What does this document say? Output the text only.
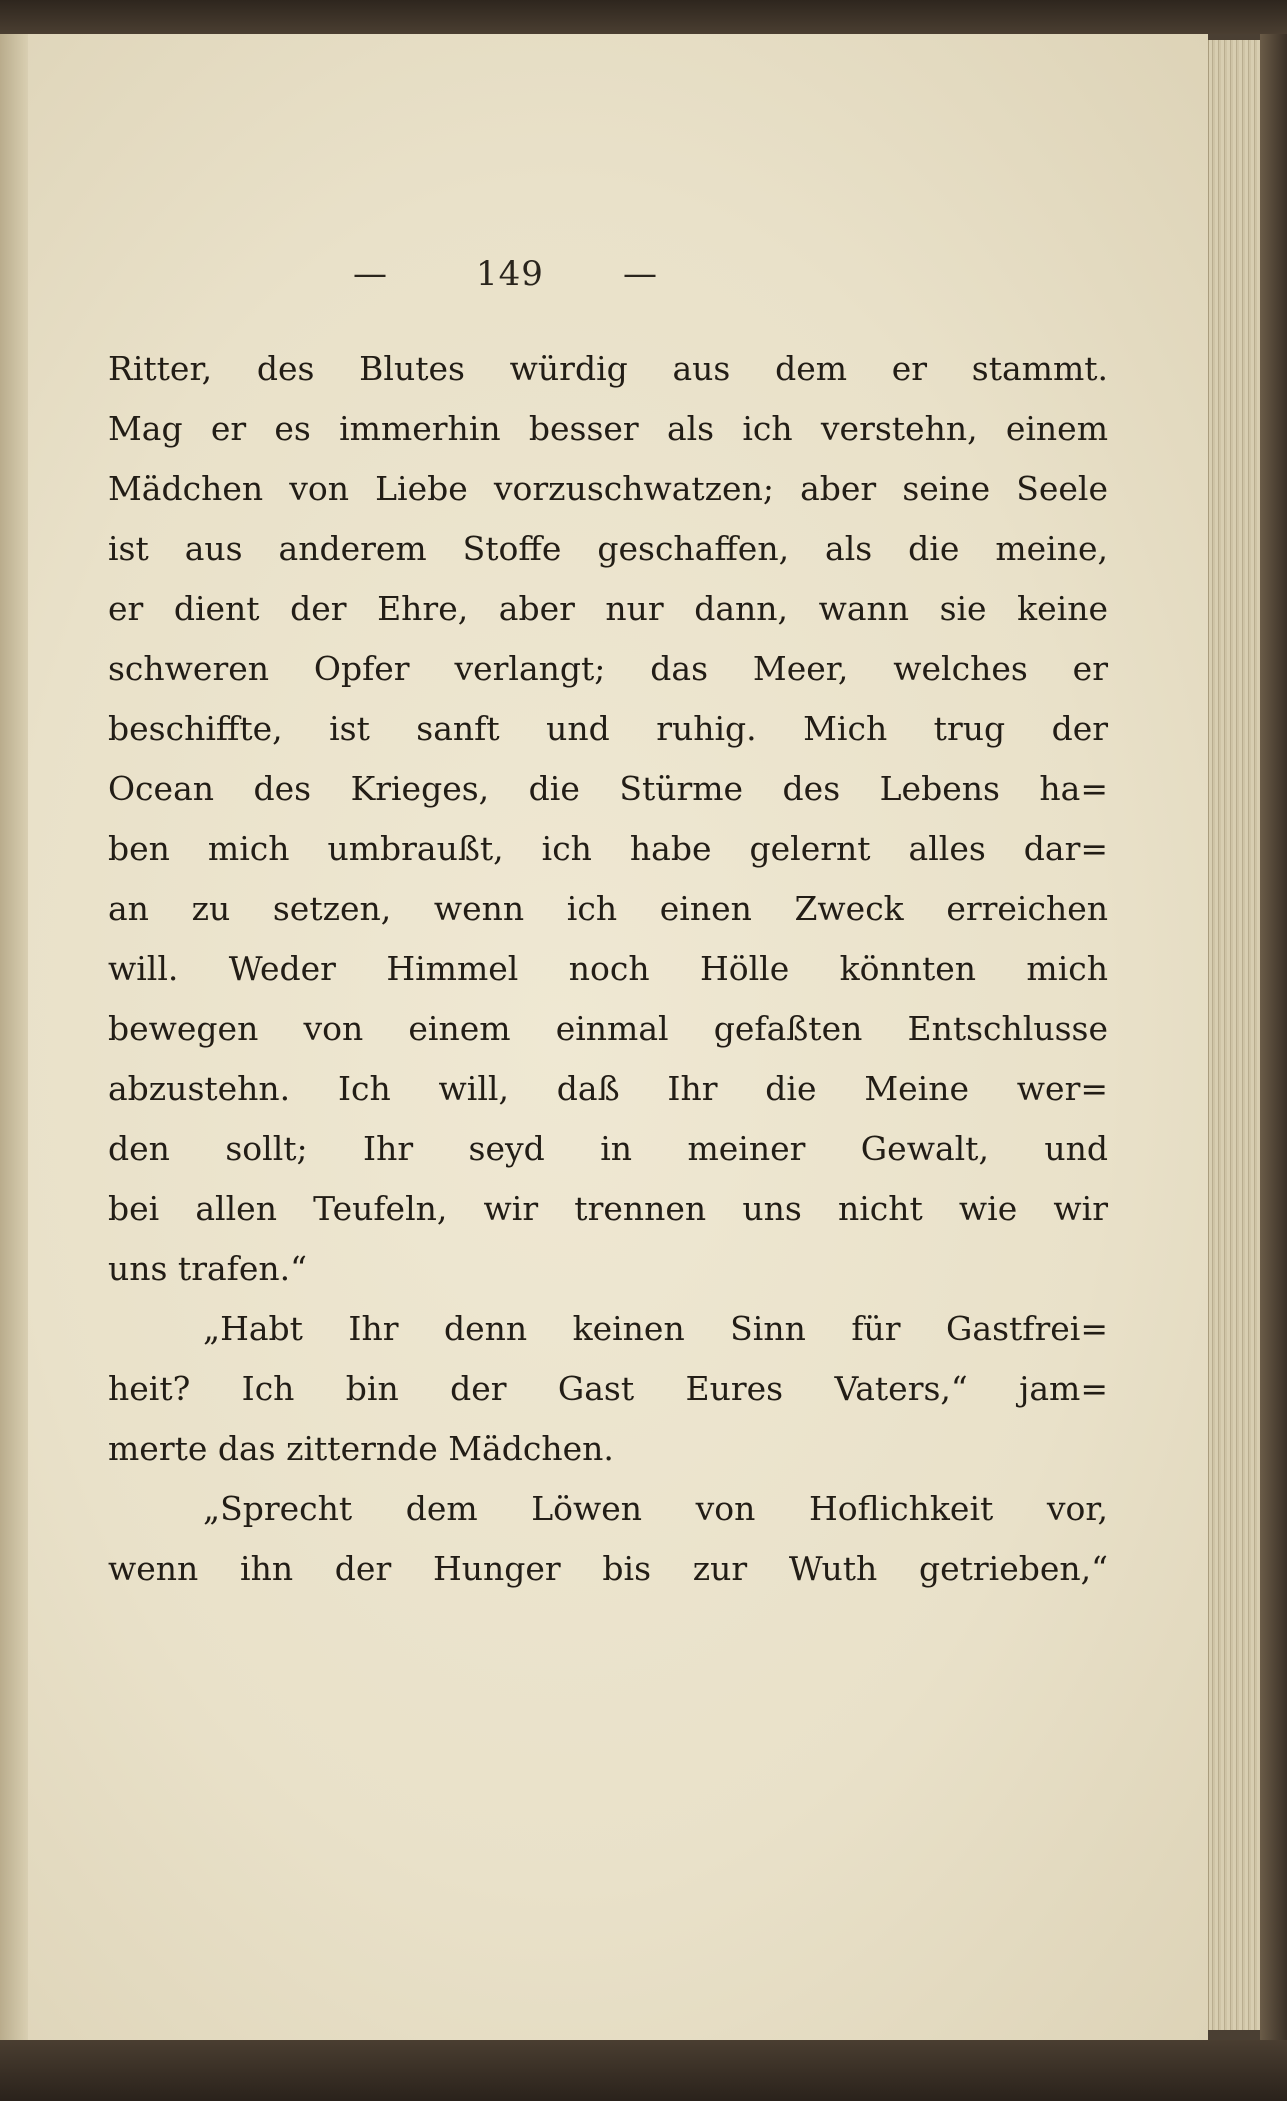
—	149 —
Ritter, des Blutes würdig aus dem er stammt.
Mag er es immerhin besser als ich verstehn, einem
Mädchen von Liebe vorzuschwatzen; aber seine Seele
ist aus anderem Stoffe geschaffen, als die meine,
er dient der Ehre, aber nur dann, wann sie keine
schweren Opfer verlangt; das Meer, welches er
beschiffte, ist sanft und ruhig. Mich trug der
Ocean des Krieges, die Stürme des Lebens ha=
ben mich umbraußt, ich habe gelernt alles dar=
an zu setzen, wenn ich einen Zweck erreichen
will. Weder Himmel noch Hölle könnten mich
bewegen von einem einmal gefaßten Entschlusse
abzustehn. Ich will, daß Ihr die Meine wer=
den sollt; Ihr seyd in meiner Gewalt, und
bei allen Teufeln, wir trennen uns nicht wie wir
uns trafen.“
„Habt Ihr denn keinen Sinn für Gastfrei=
heit? Ich bin der Gast Eures Vaters,“ jam=
merte das zitternde Mädchen.
„Sprecht dem Löwen von Hoflichkeit vor,
wenn ihn der Hunger bis zur Wuth getrieben,“
